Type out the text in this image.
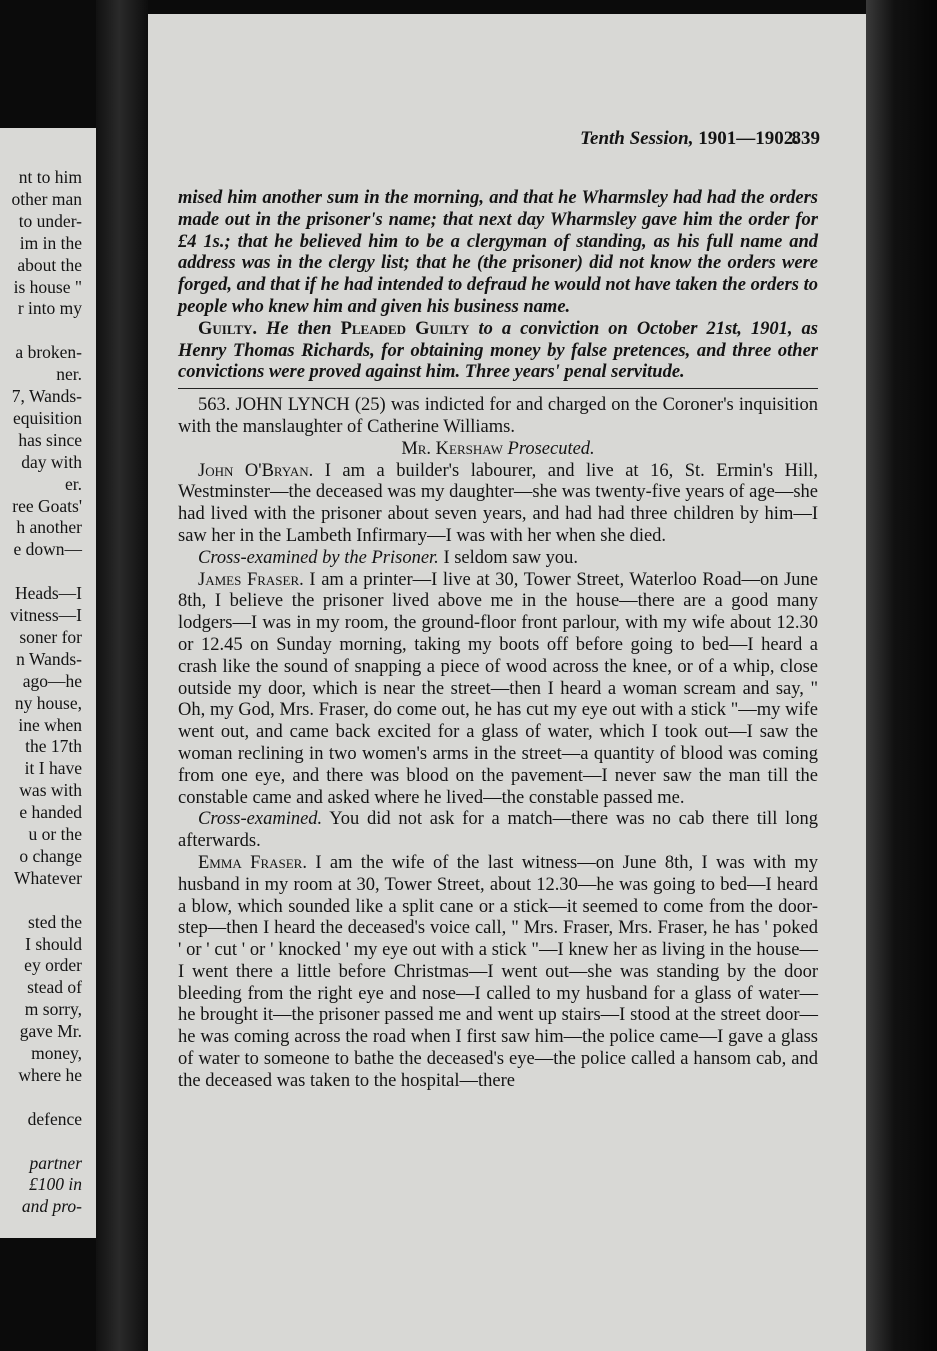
nt to him
other man
to under-
im in the
about the
is house "
r into my
a broken-
ner.
7, Wands-
equisition
has since
day with
er.
ree Goats'
h another
e down—
Heads—I
vitness—I
soner for
n Wands-
ago—he
ny house,
ine when
the 17th
it I have
was with
e handed
u or the
o change
Whatever
sted the
I should
ey order
stead of
m sorry,
gave Mr.
money,
where he
defence
partner
£100 in
and pro-
Tenth Session, 1901—1902.
839

mised him another sum in the morning, and that he Wharmsley had had the orders made out in the prisoner's name; that next day Wharmsley gave him the order for £4 1s.; that he believed him to be a clergyman of standing, as his full name and address was in the clergy list; that he (the prisoner) did not know the orders were forged, and that if he had intended to defraud he would not have taken the orders to people who knew him and given his business name.

Guilty. He then Pleaded Guilty to a conviction on October 21st, 1901, as Henry Thomas Richards, for obtaining money by false pretences, and three other convictions were proved against him. Three years' penal servitude.

563. JOHN LYNCH (25) was indicted for and charged on the Coroner's inquisition with the manslaughter of Catherine Williams.

Mr. Kershaw Prosecuted.

John O'Bryan. I am a builder's labourer, and live at 16, St. Ermin's Hill, Westminster—the deceased was my daughter—she was twenty-five years of age—she had lived with the prisoner about seven years, and had had three children by him—I saw her in the Lambeth Infirmary—I was with her when she died.

Cross-examined by the Prisoner. I seldom saw you.

James Fraser. I am a printer—I live at 30, Tower Street, Waterloo Road—on June 8th, I believe the prisoner lived above me in the house—there are a good many lodgers—I was in my room, the ground-floor front parlour, with my wife about 12.30 or 12.45 on Sunday morning, taking my boots off before going to bed—I heard a crash like the sound of snapping a piece of wood across the knee, or of a whip, close outside my door, which is near the street—then I heard a woman scream and say, " Oh, my God, Mrs. Fraser, do come out, he has cut my eye out with a stick "—my wife went out, and came back excited for a glass of water, which I took out—I saw the woman reclining in two women's arms in the street—a quantity of blood was coming from one eye, and there was blood on the pavement—I never saw the man till the constable came and asked where he lived—the constable passed me.

Cross-examined. You did not ask for a match—there was no cab there till long afterwards.

Emma Fraser. I am the wife of the last witness—on June 8th, I was with my husband in my room at 30, Tower Street, about 12.30—he was going to bed—I heard a blow, which sounded like a split cane or a stick—it seemed to come from the door-step—then I heard the deceased's voice call, " Mrs. Fraser, Mrs. Fraser, he has ' poked ' or ' cut ' or ' knocked ' my eye out with a stick "—I knew her as living in the house—I went there a little before Christmas—I went out—she was standing by the door bleeding from the right eye and nose—I called to my husband for a glass of water—he brought it—the prisoner passed me and went up stairs—I stood at the street door—he was coming across the road when I first saw him—the police came—I gave a glass of water to someone to bathe the deceased's eye—the police called a hansom cab, and the deceased was taken to the hospital—there
